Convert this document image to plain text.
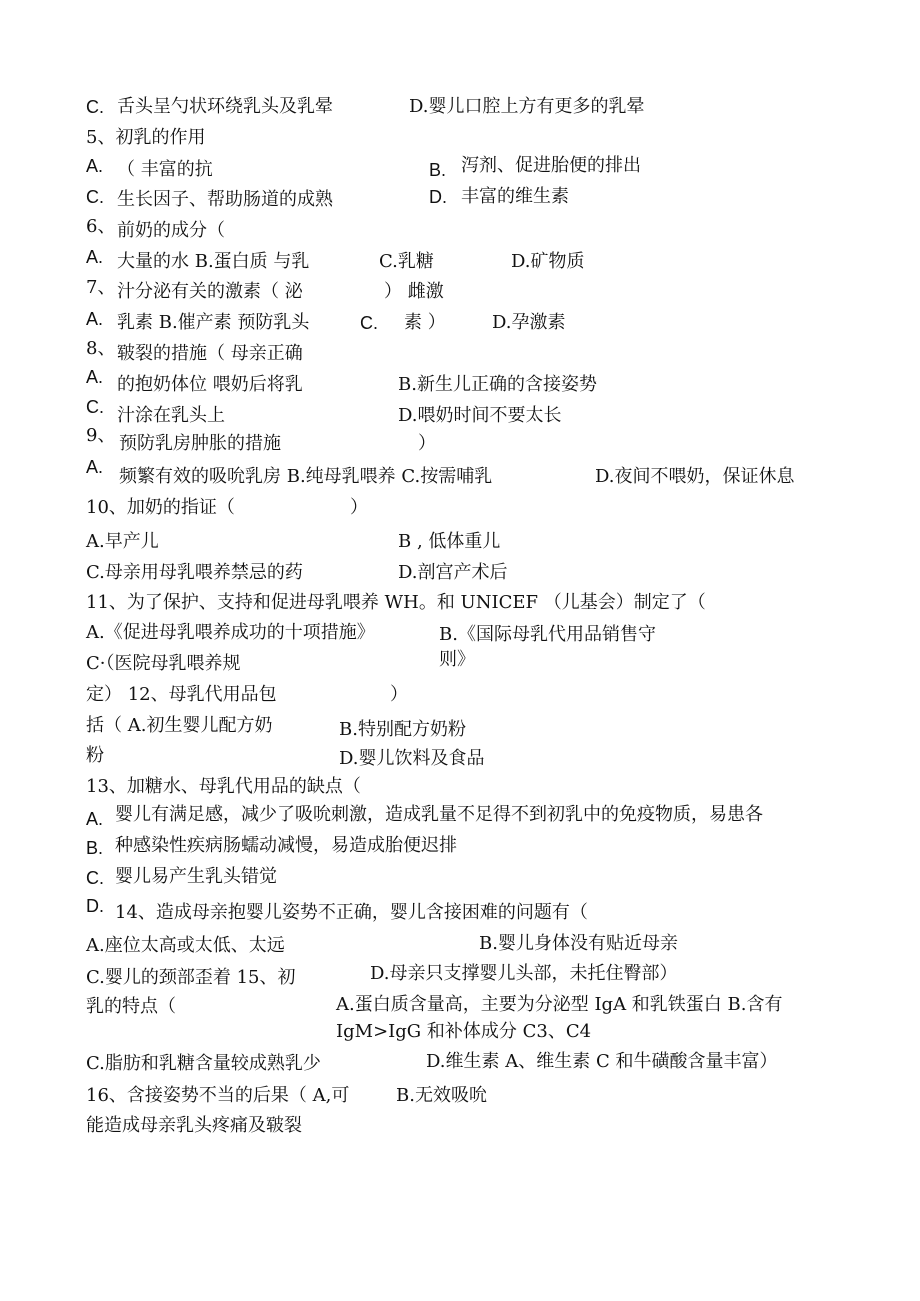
C. 舌头呈勺状环绕乳头及乳晕	D.婴儿口腔上方有更多的乳晕
5、初乳的作用
A. （ 丰富的抗	B. 泻剂、促进胎便的排出
C. 生长因子、帮助肠道的成熟	D. 丰富的维生素
6、 前奶的成分（
A. 大量的水 B.蛋白质 与乳	C.乳糖	D.矿物质
7、 汁分泌有关的激素（ 泌	） 雌激
A. 乳素 B.催产素 预防乳头	C. 素 ）	D.孕激素
8、 皲裂的措施（ 母亲正确
A. 的抱奶体位 喂奶后将乳	B.新生儿正确的含接姿势
C. 汁涂在乳头上	D.喂奶时间不要太长
9、 预防乳房肿胀的措施	）
A. 频繁有效的吸吮乳房 B.纯母乳喂养 C.按需哺乳	D.夜间不喂奶，保证休息
10、加奶的指证（	）
A.早产儿	B , 低体重儿
C.母亲用母乳喂养禁忌的药	D.剖宫产术后
11、为了保护、支持和促进母乳喂养 WH。和 UNICEF （儿基会）制定了（
A.《促进母乳喂养成功的十项措施》	B.《国际母乳代用品销售守
C·（医院母乳喂养规	则》
定） 12、母乳代用品包	）
括（ A.初生婴儿配方奶	B.特别配方奶粉
粉	D.婴儿饮料及食品
13、加糖水、母乳代用品的缺点（
A. 婴儿有满足感，减少了吸吮刺激，造成乳量不足得不到初乳中的免疫物质，易患各
B. 种感染性疾病肠蠕动减慢，易造成胎便迟排
C. 婴儿易产生乳头错觉
D. 14、造成母亲抱婴儿姿势不正确，婴儿含接困难的问题有（
A.座位太高或太低、太远	B.婴儿身体没有贴近母亲
C.婴儿的颈部歪着 15、初	D.母亲只支撑婴儿头部，未托住臀部）
乳的特点（	A.蛋白质含量高，主要为分泌型 IgA 和乳铁蛋白 B.含有
IgM>IgG 和补体成分 C3、C4
C.脂肪和乳糖含量较成熟乳少	D.维生素 A、维生素 C 和牛磺酸含量丰富）
16、含接姿势不当的后果（ A,可	B.无效吸吮
能造成母亲乳头疼痛及皲裂
